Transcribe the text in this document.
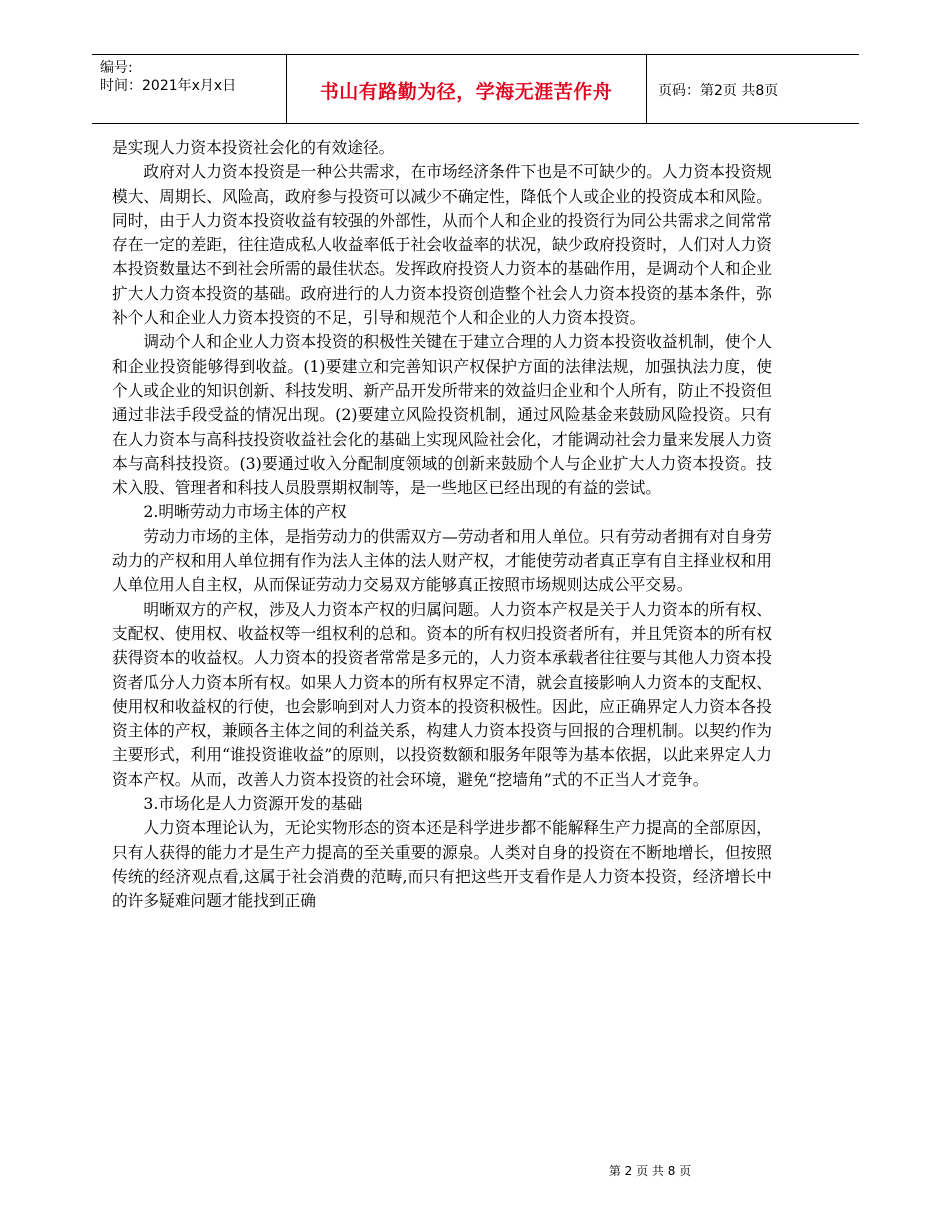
编号:
时间：2021年x月x日	书山有路勤为径，学海无涯苦作舟	页码：第2页 共8页

是实现人力资本投资社会化的有效途径。

政府对人力资本投资是一种公共需求，在市场经济条件下也是不可缺少的。人力资本投资规模大、周期长、风险高，政府参与投资可以减少不确定性，降低个人或企业的投资成本和风险。同时，由于人力资本投资收益有较强的外部性，从而个人和企业的投资行为同公共需求之间常常存在一定的差距，往往造成私人收益率低于社会收益率的状况，缺少政府投资时，人们对人力资本投资数量达不到社会所需的最佳状态。发挥政府投资人力资本的基础作用，是调动个人和企业扩大人力资本投资的基础。政府进行的人力资本投资创造整个社会人力资本投资的基本条件，弥补个人和企业人力资本投资的不足，引导和规范个人和企业的人力资本投资。

调动个人和企业人力资本投资的积极性关键在于建立合理的人力资本投资收益机制，使个人和企业投资能够得到收益。(1)要建立和完善知识产权保护方面的法律法规，加强执法力度，使个人或企业的知识创新、科技发明、新产品开发所带来的效益归企业和个人所有，防止不投资但通过非法手段受益的情况出现。(2)要建立风险投资机制，通过风险基金来鼓励风险投资。只有在人力资本与高科技投资收益社会化的基础上实现风险社会化，才能调动社会力量来发展人力资本与高科技投资。(3)要通过收入分配制度领域的创新来鼓励个人与企业扩大人力资本投资。技术入股、管理者和科技人员股票期权制等，是一些地区已经出现的有益的尝试。

2.明晰劳动力市场主体的产权

劳动力市场的主体，是指劳动力的供需双方—劳动者和用人单位。只有劳动者拥有对自身劳动力的产权和用人单位拥有作为法人主体的法人财产权，才能使劳动者真正享有自主择业权和用人单位用人自主权，从而保证劳动力交易双方能够真正按照市场规则达成公平交易。

明晰双方的产权，涉及人力资本产权的归属问题。人力资本产权是关于人力资本的所有权、支配权、使用权、收益权等一组权利的总和。资本的所有权归投资者所有，并且凭资本的所有权获得资本的收益权。人力资本的投资者常常是多元的，人力资本承载者往往要与其他人力资本投资者瓜分人力资本所有权。如果人力资本的所有权界定不清，就会直接影响人力资本的支配权、使用权和收益权的行使，也会影响到对人力资本的投资积极性。因此，应正确界定人力资本各投资主体的产权，兼顾各主体之间的利益关系，构建人力资本投资与回报的合理机制。以契约作为主要形式，利用“谁投资谁收益”的原则，以投资数额和服务年限等为基本依据，以此来界定人力资本产权。从而，改善人力资本投资的社会环境，避免“挖墙角”式的不正当人才竞争。

3.市场化是人力资源开发的基础

人力资本理论认为，无论实物形态的资本还是科学进步都不能解释生产力提高的全部原因，只有人获得的能力才是生产力提高的至关重要的源泉。人类对自身的投资在不断地增长，但按照传统的经济观点看,这属于社会消费的范畴,而只有把这些开支看作是人力资本投资，经济增长中的许多疑难问题才能找到正确

第 2 页 共 8 页
